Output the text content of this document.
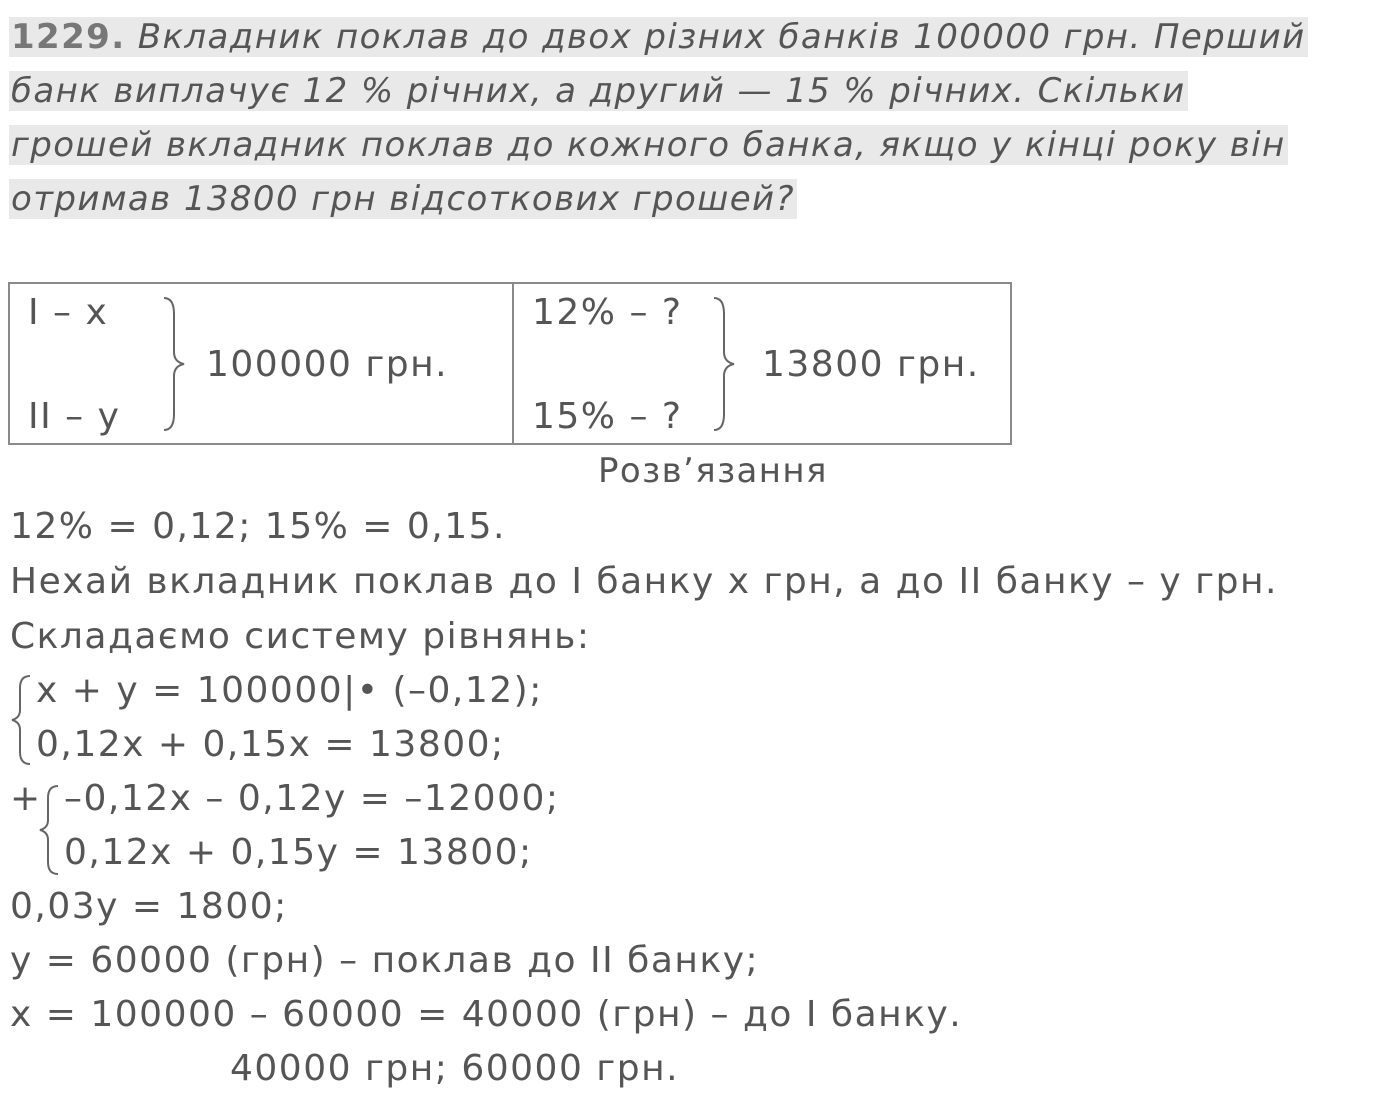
1229. Вкладник поклав до двох різних банків 100000 грн. Перший
банк виплачує 12 % річних, а другий — 15 % річних. Скільки
грошей вкладник поклав до кожного банка, якщо у кінці року він
отримав 13800 грн відсоткових грошей?
I – x
II – y
100000 грн.
12% – ?
15% – ?
13800 грн.
Розв’язання
12% = 0,12; 15% = 0,15.
Нехай вкладник поклав до I банку x грн, а до II банку – y грн.
Складаємо систему рівнянь:
x + y = 100000|• (–0,12);
0,12x + 0,15x = 13800;
+ –0,12x – 0,12y = –12000;
0,12x + 0,15y = 13800;
0,03y = 1800;
y = 60000 (грн) – поклав до II банку;
x = 100000 – 60000 = 40000 (грн) – до I банку.
40000 грн; 60000 грн.
